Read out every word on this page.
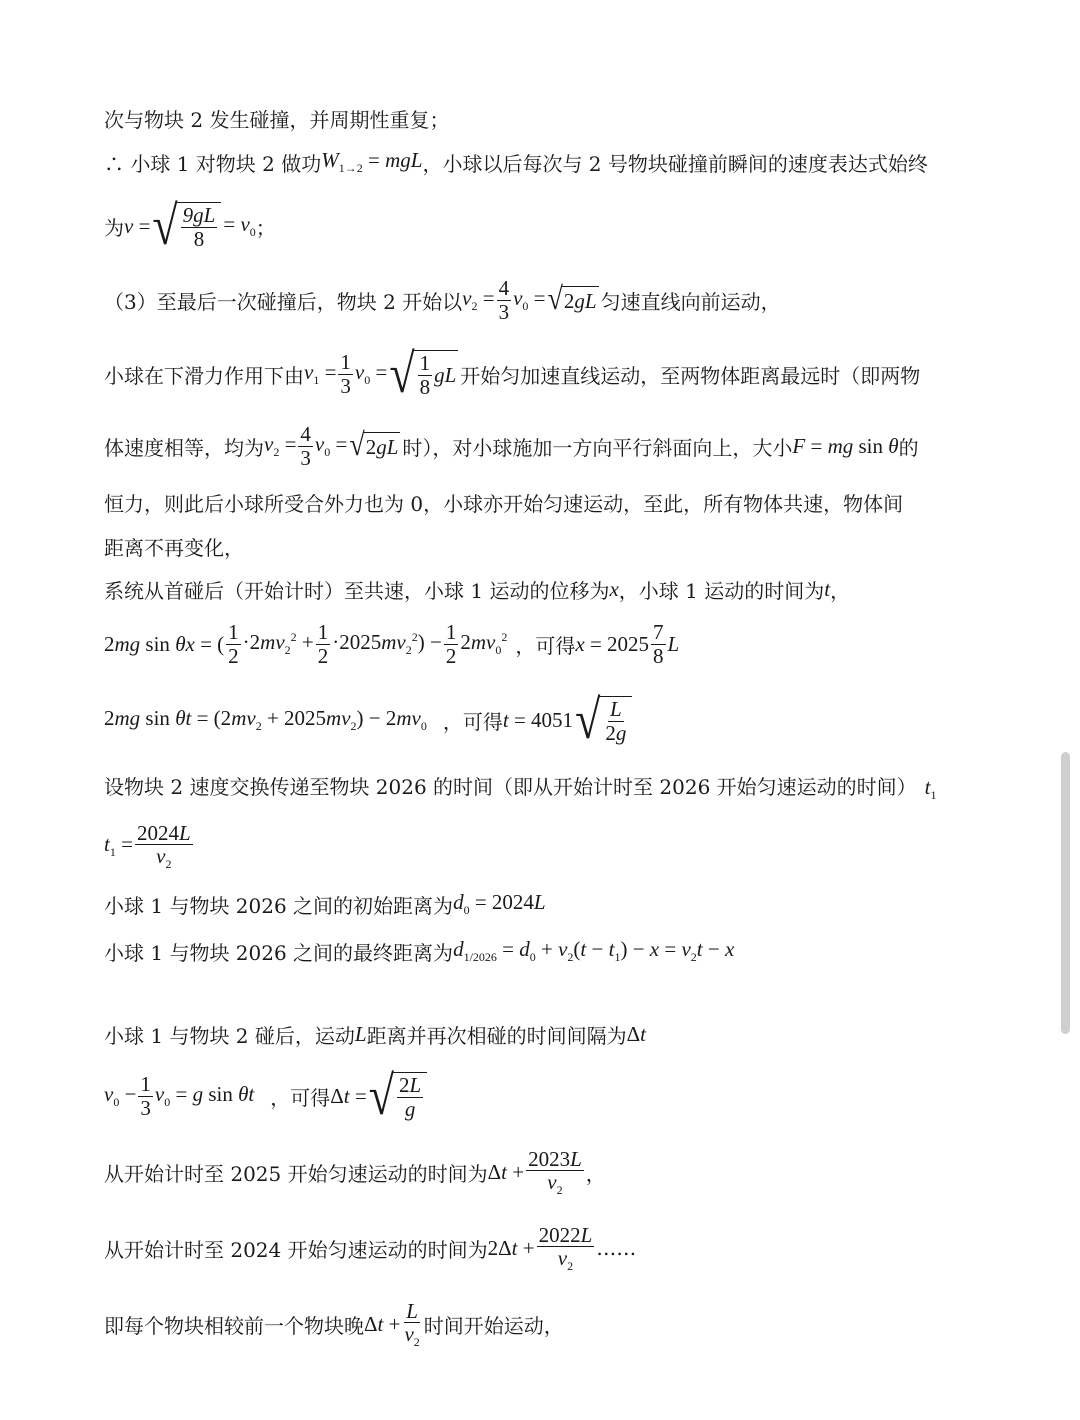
次与物块 2 发生碰撞，并周期性重复；
∴ 小球 1 对物块 2 做功 $W_{1\to 2}$ = mgL ，小球以后每次与 2 号物块碰撞前瞬间的速度表达式始终
为 v = √ $\frac{9gL}{8} = v_0$ ；
（3）至最后一次碰撞后，物块 2 开始以 $v_2 = \frac{4}{3} v_0$ = √ 2 gL 匀速直线向前运动，
小球在下滑力作用下由 $v_1 = \frac{1}{3} v_0$ = √ $\frac{1}{8}$ gL 开始匀加速直线运动，至两物体距离最远时（即两物
体速度相等，均为 $v_2 = \frac{4}{3} v_0$ = √ 2 gL 时），对小球施加一方向平行斜面向上，大小 F = mg sin θ 的
恒力，则此后小球所受合外力也为 0，小球亦开始匀速运动，至此，所有物体共速，物体间
距离不再变化，
系统从首碰后（开始计时）至共速，小球 1 运动的位移为 x ，小球 1 运动的时间为 t ，
2mg sin θx = ( $\frac{1}{2} \cdot 2mv_2^2 + \frac{1}{2} \cdot 2025mv_2^2) - \frac{1}{2} 2mv_0^2$ ，可得 $x = 2025 \frac{7}{8}$ L
2mg $\sin \theta t = (2mv_2 + 2025mv_2) - 2mv_0$ ，可得 t = 4051 √ $\frac{L}{2g}$
设物块 2 速度交换传递至物块 2026 的时间（即从开始计时至 2026 开始匀速运动的时间） $t_1$
$t_1 = \frac{2024L}{v_2}$
小球 1 与物块 2026 之间的初始距离为 $d_0 = 2024L$
小球 1 与物块 2026 之间的最终距离为 $d_{1/2026} = d_0 + v_2(t - t_1) - x = v_2t - x$
小球 1 与物块 2 碰后，运动 L 距离并再次相碰的时间间隔为 Δt
$v_0 - \frac{1}{3} v_0 = g$ sin θt ，可得 Δt = √ $\frac{2L}{g}$
从开始计时至 2025 开始匀速运动的时间为 $\Delta t + \frac{2023L}{v_2}$ ，
从开始计时至 2024 开始匀速运动的时间为 $2\Delta t + \frac{2022L}{v_2}$ ……
即每个物块相较前一个物块晚 $\Delta t + \frac{L}{v_2}$ 时间开始运动，
